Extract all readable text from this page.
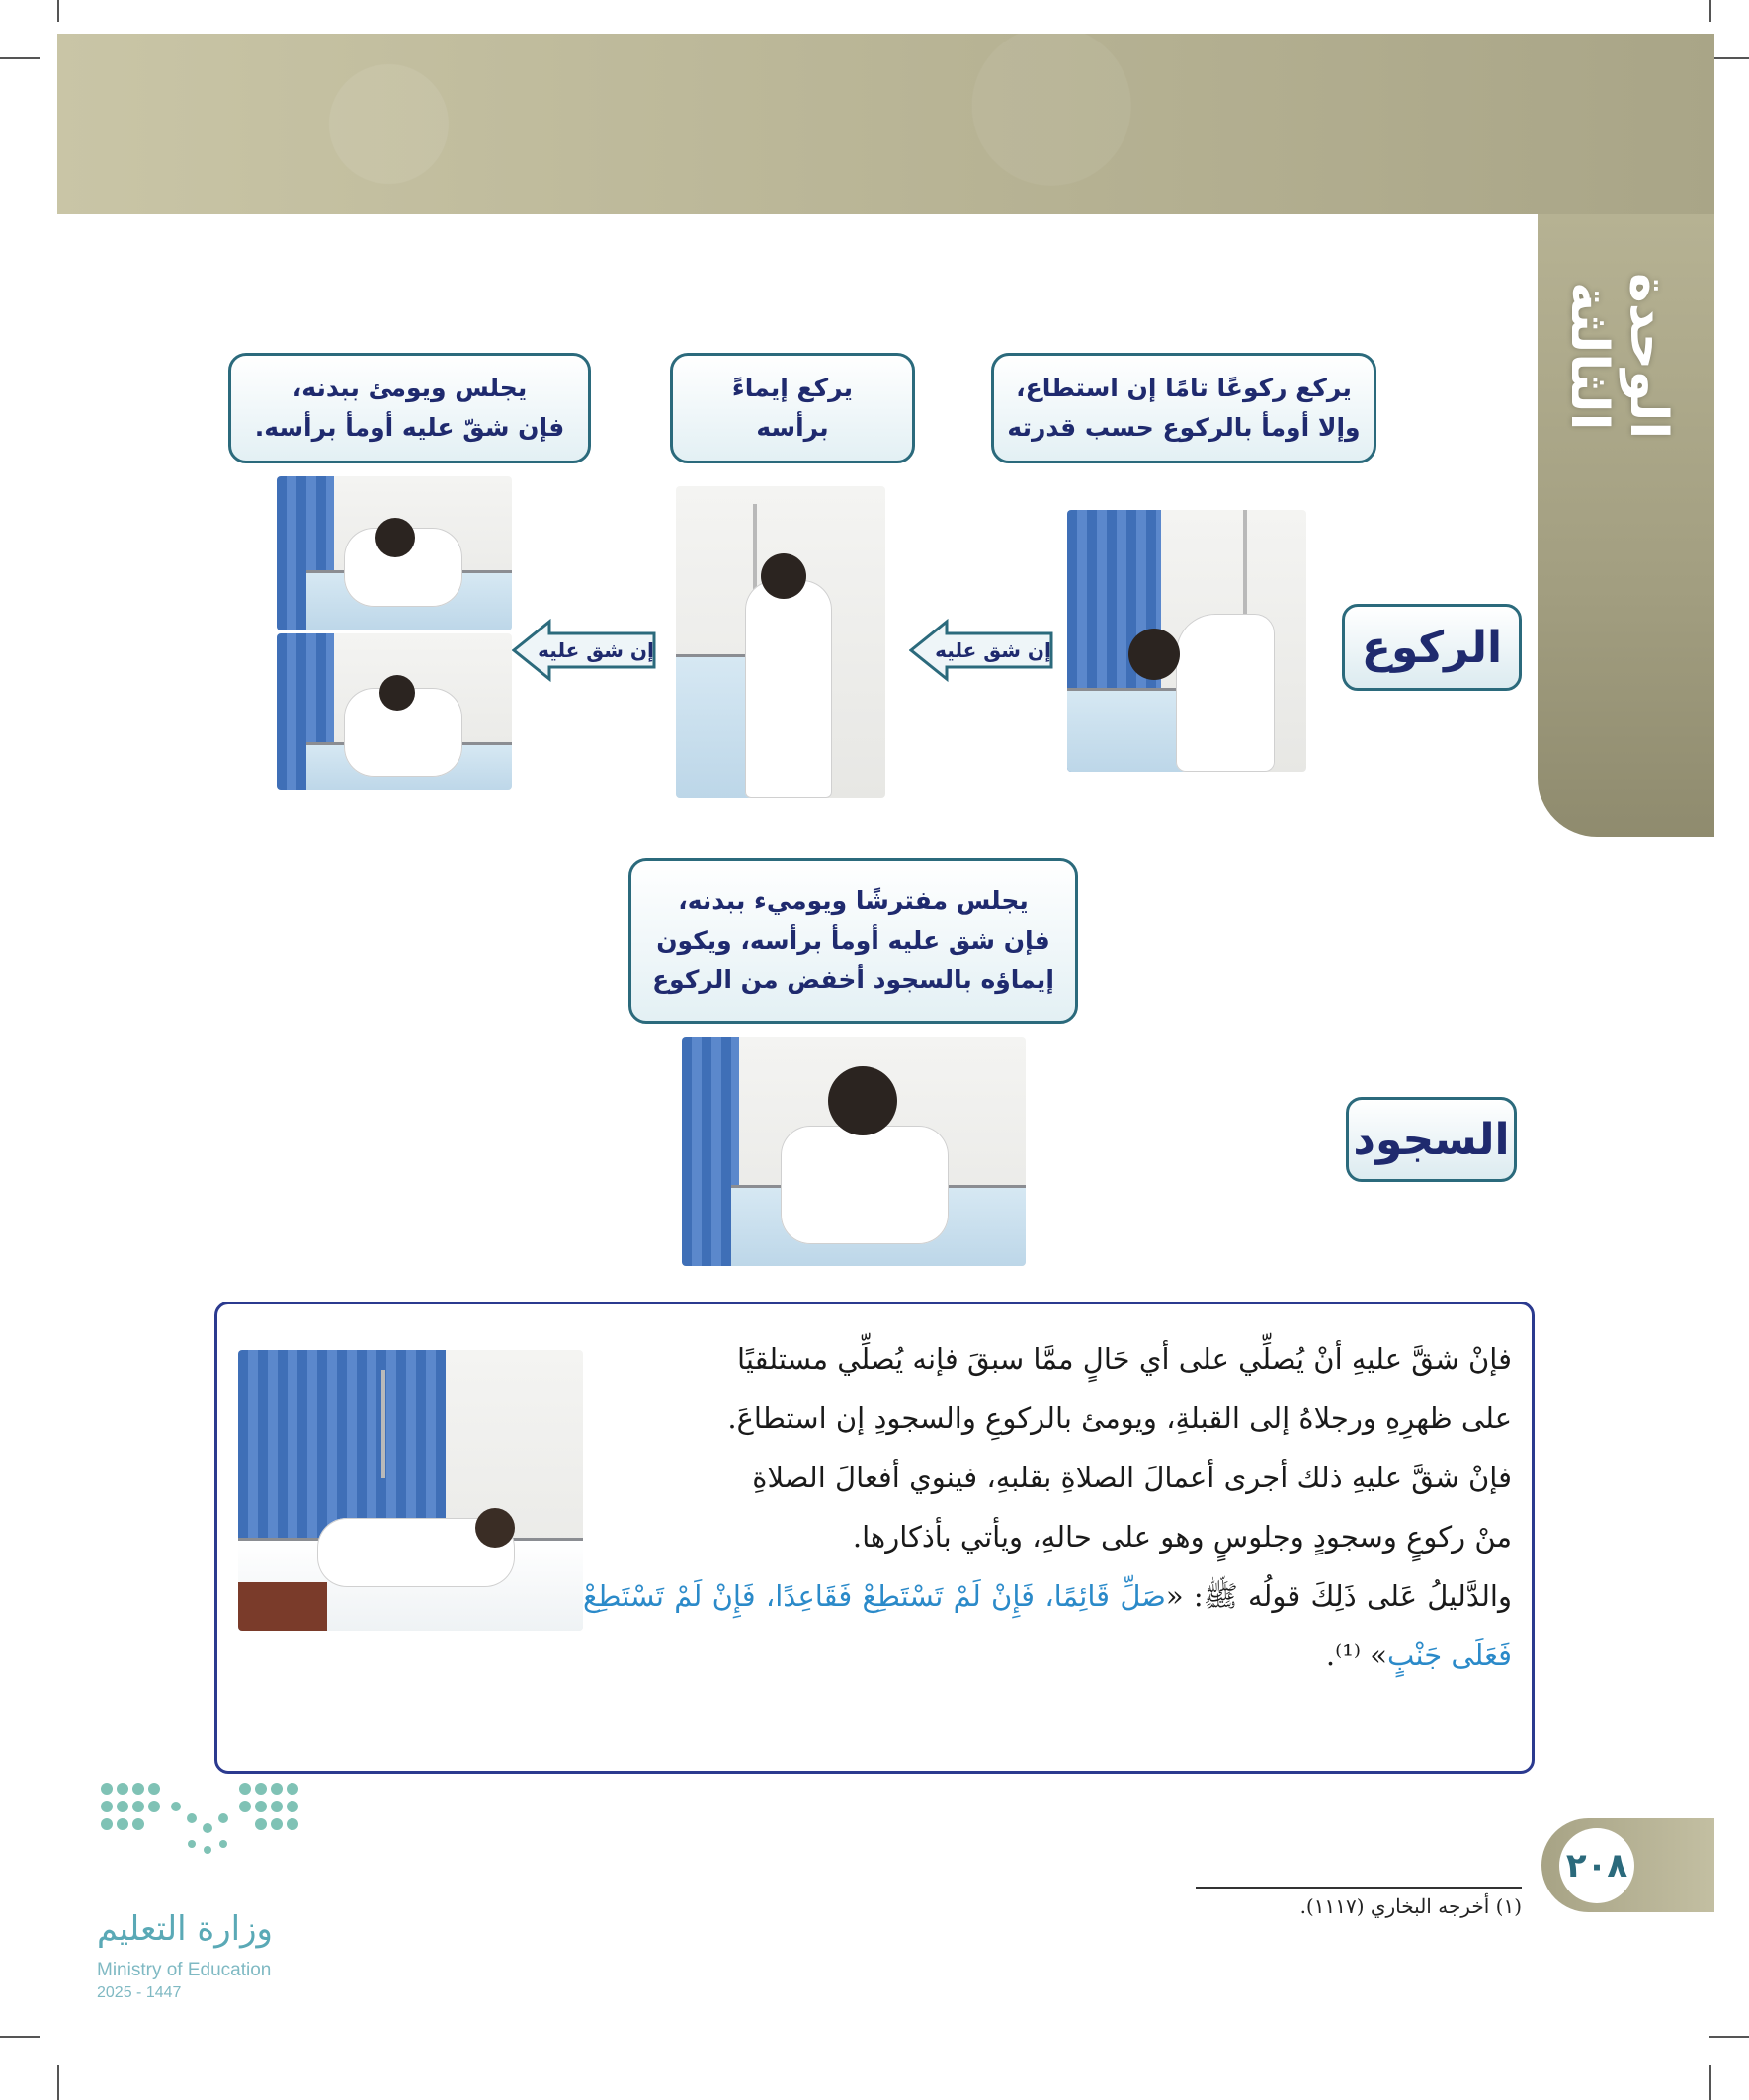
الوحدة الثالثة
يركع ركوعًا تامًا إن استطاع،
وإلا أومأ بالركوع حسب قدرته
يركع إيماءً
برأسه
يجلس ويومئ ببدنه،
فإن شقّ عليه أومأ برأسه.
الركوع
إن شق عليه
إن شق عليه
يجلس مفترشًا ويوميء ببدنه،
فإن شق عليه أومأ برأسه، ويكون
إيماؤه بالسجود أخفض من الركوع
السجود

فإنْ شقَّ عليهِ أنْ يُصلِّي على أي حَالٍ ممَّا سبقَ فإنه يُصلِّي مستلقيًا

على ظهرِهِ ورجلاهُ إلى القبلةِ، ويومئ بالركوعِ والسجودِ إن استطاعَ.

فإنْ شقَّ عليهِ ذلك أجرى أعمالَ الصلاةِ بقلبهِ، فينوي أفعالَ الصلاةِ

منْ ركوعٍ وسجودٍ وجلوسٍ وهو على حالهِ، ويأتي بأذكارها.

والدَّليلُ عَلى ذَلِكَ قولُه ﷺ: «صَلِّ قَائِمًا، فَإِنْ لَمْ تَسْتَطِعْ فَقَاعِدًا، فَإِنْ لَمْ تَسْتَطِعْ فَعَلَى جَنْبٍ» ⁽¹⁾.

(١) أخرجه البخاري (١١١٧).
٢٠٨
وزارة التعليم
Ministry of Education
2025 - 1447
